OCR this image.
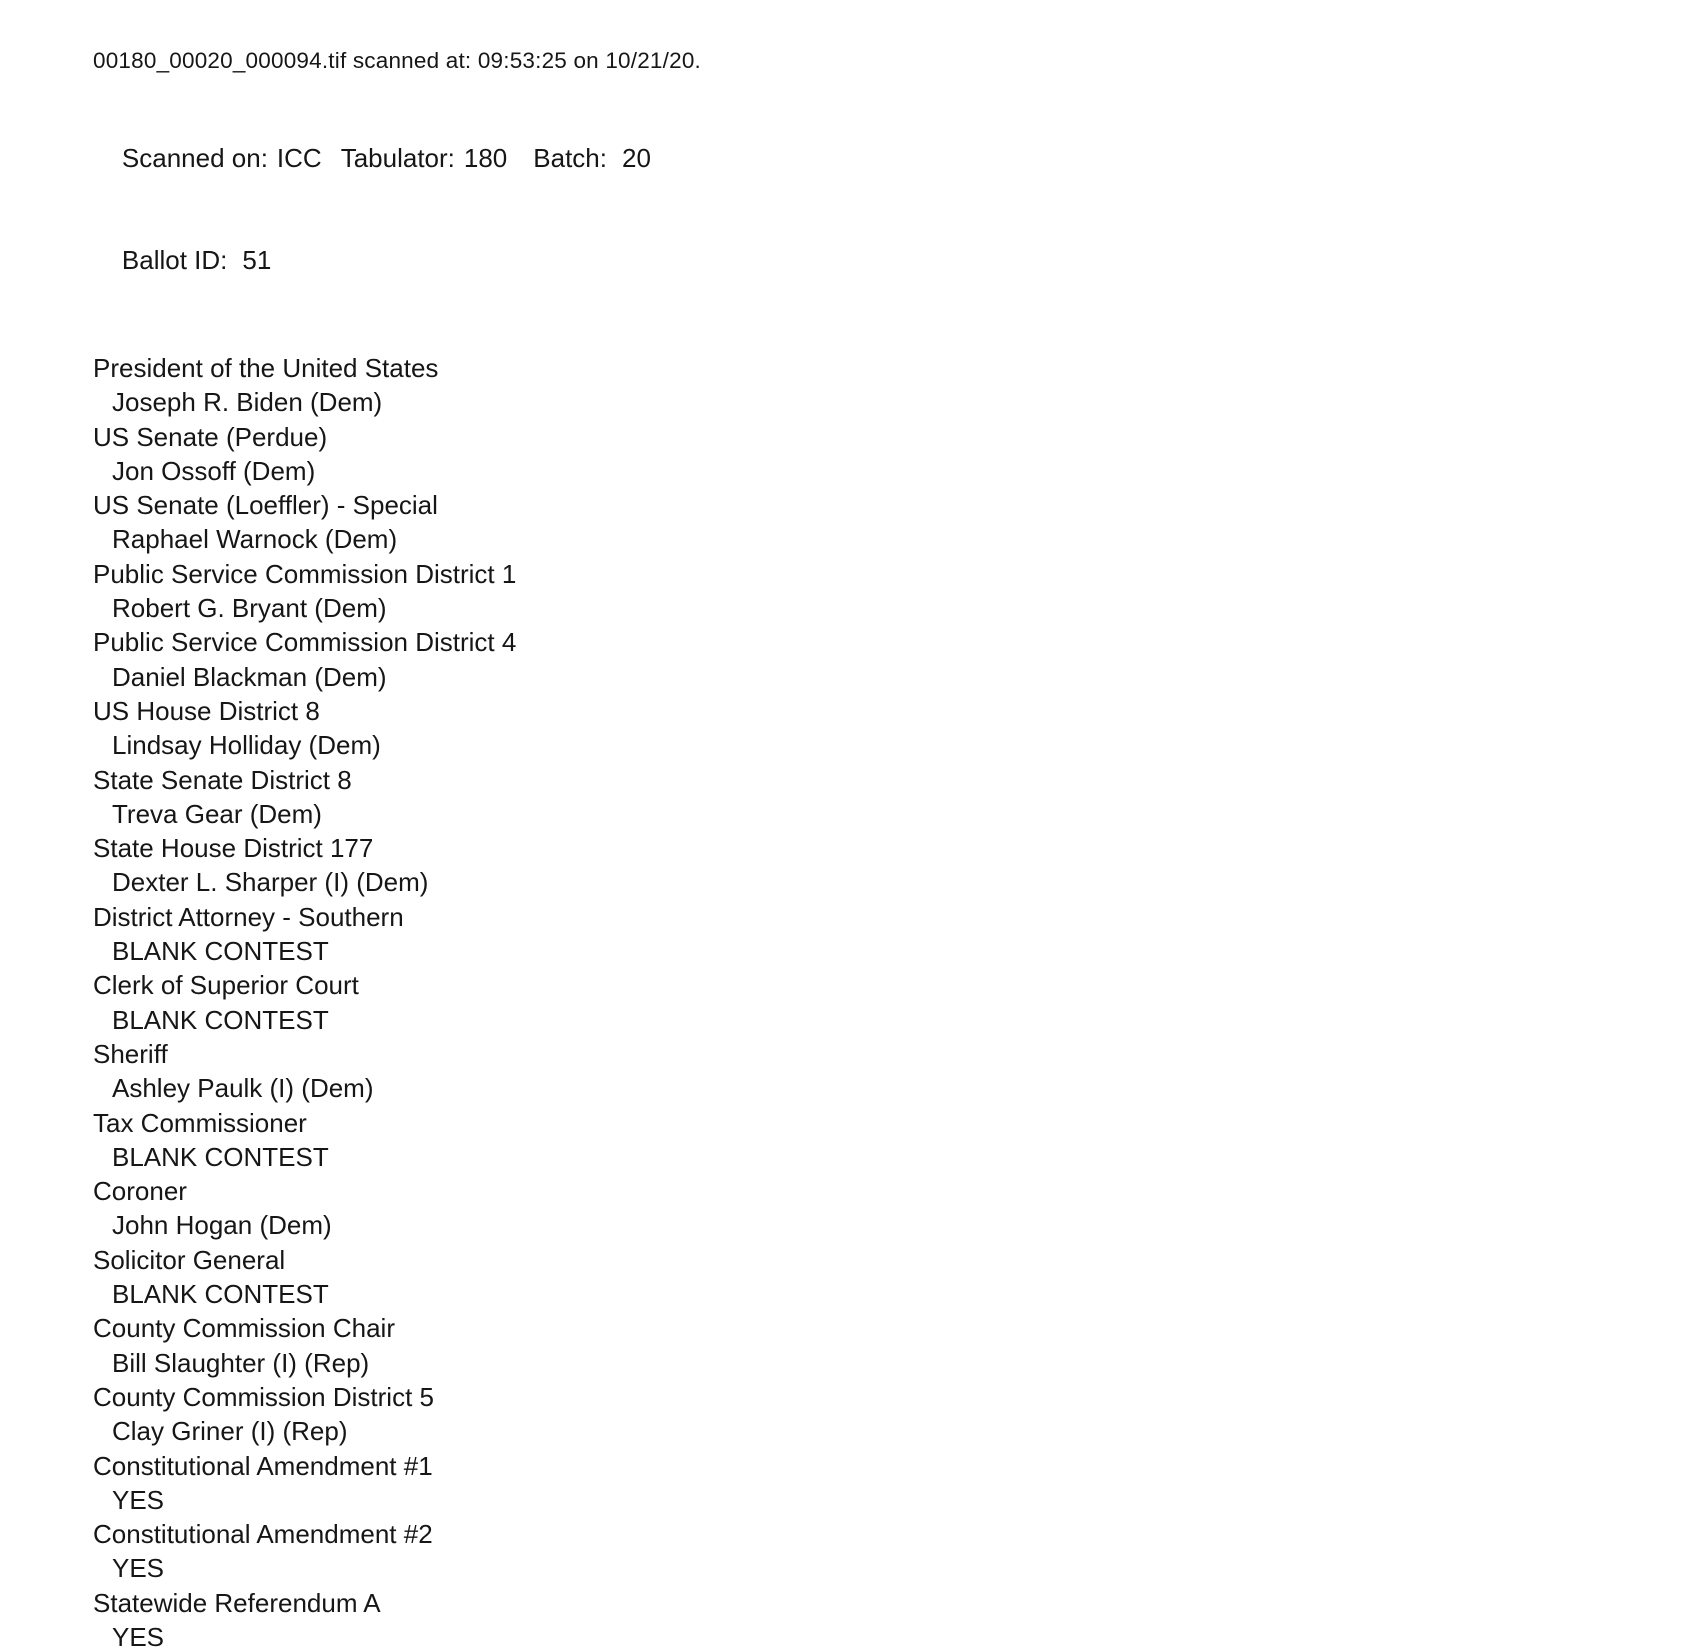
00180_00020_000094.tif scanned at: 09:53:25 on 10/21/20.

Scanned on: ICC Tabulator: 180 Batch: 20

Ballot ID: 51

President of the United States
Joseph R. Biden (Dem)
US Senate (Perdue)
Jon Ossoff (Dem)
US Senate (Loeffler) - Special
Raphael Warnock (Dem)
Public Service Commission District 1
Robert G. Bryant (Dem)
Public Service Commission District 4
Daniel Blackman (Dem)
US House District 8
Lindsay Holliday (Dem)
State Senate District 8
Treva Gear (Dem)
State House District 177
Dexter L. Sharper (I) (Dem)
District Attorney - Southern
BLANK CONTEST
Clerk of Superior Court
BLANK CONTEST
Sheriff
Ashley Paulk (I) (Dem)
Tax Commissioner
BLANK CONTEST
Coroner
John Hogan (Dem)
Solicitor General
BLANK CONTEST
County Commission Chair
Bill Slaughter (I) (Rep)
County Commission District 5
Clay Griner (I) (Rep)
Constitutional Amendment #1
YES
Constitutional Amendment #2
YES
Statewide Referendum A
YES
